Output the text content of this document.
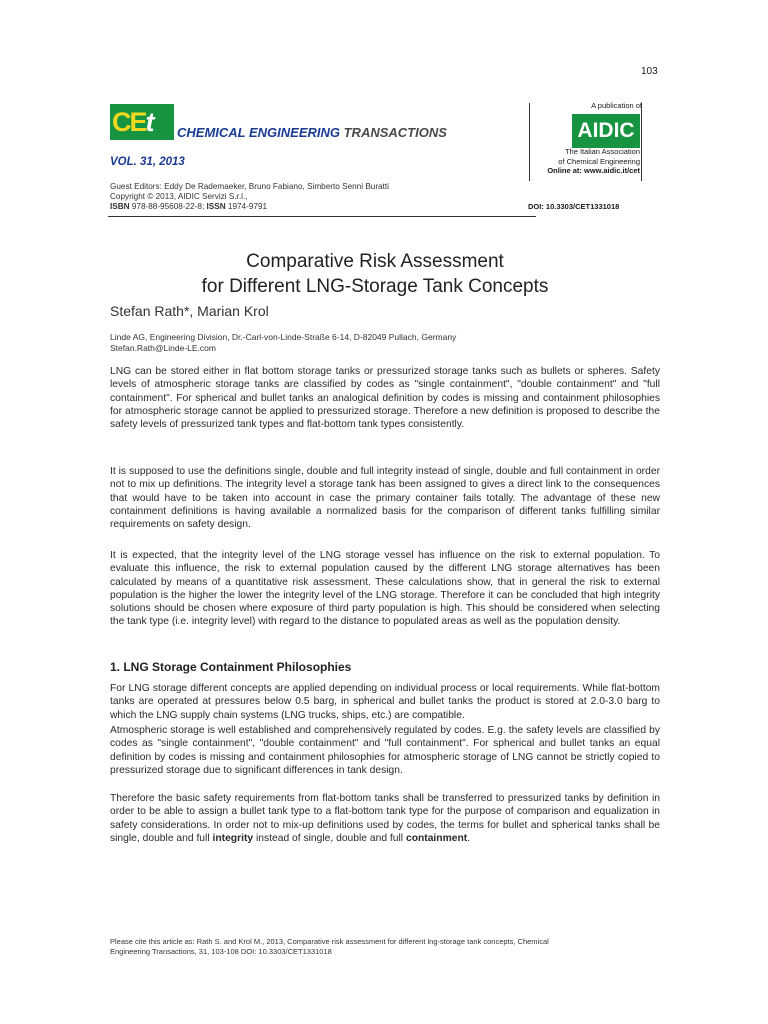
103
CEt CHEMICAL ENGINEERING TRANSACTIONS
VOL. 31, 2013
Guest Editors: Eddy De Rademaeker, Bruno Fabiano, Simberto Senni Buratti
Copyright © 2013, AIDIC Servizi S.r.l.,
ISBN 978-88-95608-22-8; ISSN 1974-9791
A publication of
AIDIC
The Italian Association
of Chemical Engineering
Online at: www.aidic.it/cet
DOI: 10.3303/CET1331018
Comparative Risk Assessment
for Different LNG-Storage Tank Concepts
Stefan Rath*, Marian Krol
Linde AG, Engineering Division, Dr.-Carl-von-Linde-Straße 6-14, D-82049 Pullach, Germany
Stefan.Rath@Linde-LE.com
LNG can be stored either in flat bottom storage tanks or pressurized storage tanks such as bullets or spheres. Safety levels of atmospheric storage tanks are classified by codes as "single containment", "double containment" and "full containment". For spherical and bullet tanks an analogical definition by codes is missing and containment philosophies for atmospheric storage cannot be applied to pressurized storage. Therefore a new definition is proposed to describe the safety levels of pressurized tank types and flat-bottom tank types consistently.
It is supposed to use the definitions single, double and full integrity instead of single, double and full containment in order not to mix up definitions. The integrity level a storage tank has been assigned to gives a direct link to the consequences that would have to be taken into account in case the primary container fails totally. The advantage of these new containment definitions is having available a normalized basis for the comparison of different tanks fulfilling similar requirements on safety design.
It is expected, that the integrity level of the LNG storage vessel has influence on the risk to external population. To evaluate this influence, the risk to external population caused by the different LNG storage alternatives has been calculated by means of a quantitative risk assessment. These calculations show, that in general the risk to external population is the higher the lower the integrity level of the LNG storage. Therefore it can be concluded that high integrity solutions should be chosen where exposure of third party population is high. This should be considered when selecting the tank type (i.e. integrity level) with regard to the distance to populated areas as well as the population density.
1. LNG Storage Containment Philosophies
For LNG storage different concepts are applied depending on individual process or local requirements. While flat-bottom tanks are operated at pressures below 0.5 barg, in spherical and bullet tanks the product is stored at 2.0-3.0 barg to which the LNG supply chain systems (LNG trucks, ships, etc.) are compatible.
Atmospheric storage is well established and comprehensively regulated by codes. E.g. the safety levels are classified by codes as "single containment", "double containment" and "full containment". For spherical and bullet tanks an equal definition by codes is missing and containment philosophies for atmospheric storage of LNG cannot be strictly copied to pressurized storage due to significant differences in tank design.
Therefore the basic safety requirements from flat-bottom tanks shall be transferred to pressurized tanks by definition in order to be able to assign a bullet tank type to a flat-bottom tank type for the purpose of comparison and equalization in safety considerations. In order not to mix-up definitions used by codes, the terms for bullet and spherical tanks shall be single, double and full integrity instead of single, double and full containment.
Please cite this article as: Rath S. and Krol M., 2013, Comparative risk assessment for different lng-storage tank concepts, Chemical
Engineering Transactions, 31, 103-108 DOI: 10.3303/CET1331018
